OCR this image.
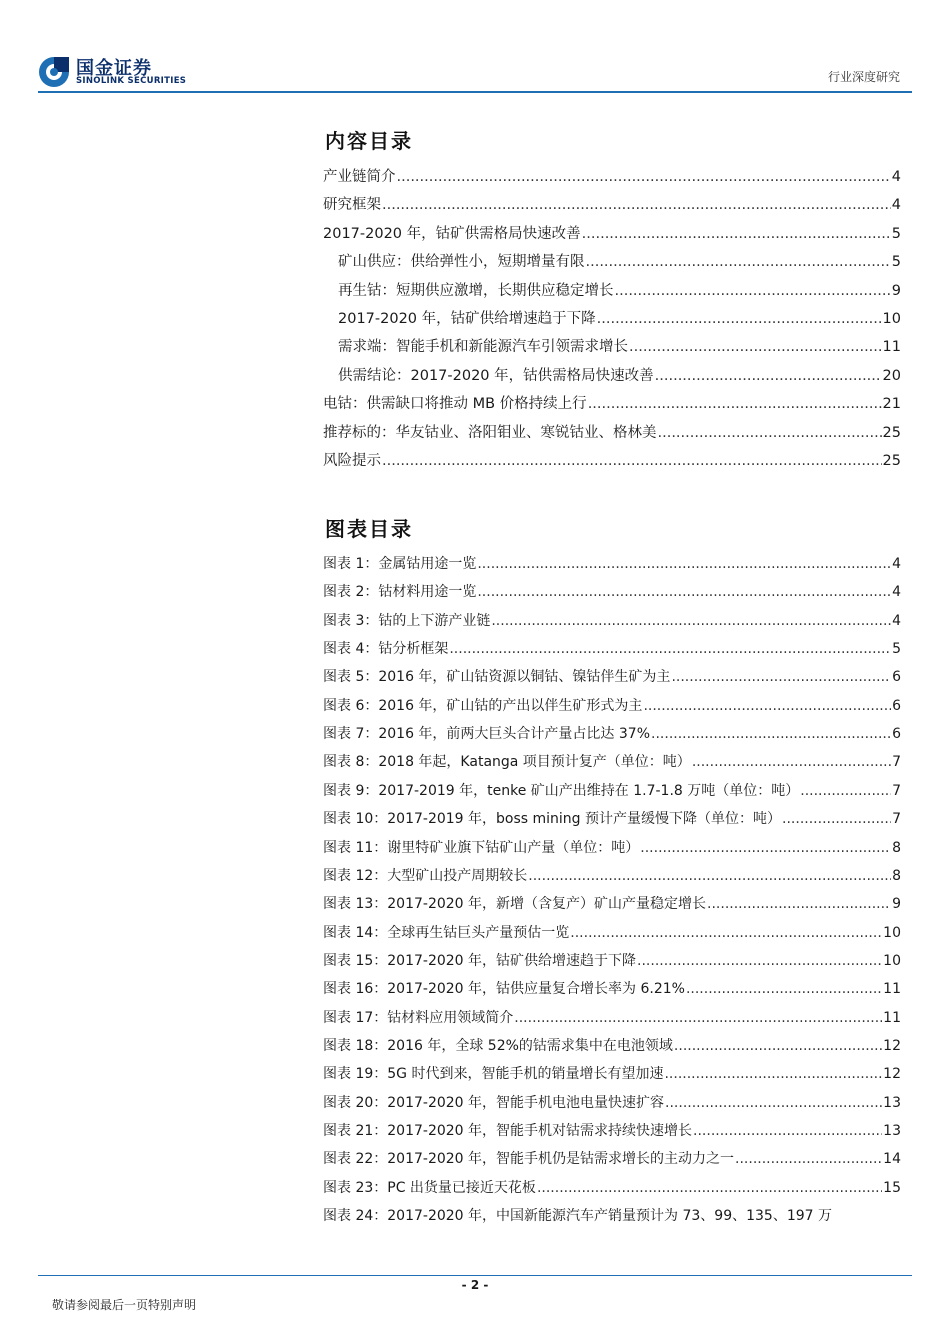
国金证券
SINOLINK SECURITIES	行业深度研究
内容目录
产业链简介 .....	4
研究框架 .....	4
2017-2020 年，钴矿供需格局快速改善 .....	5
矿山供应：供给弹性小，短期增量有限 .....	5
再生钴：短期供应激增，长期供应稳定增长 .....	9
2017-2020 年，钴矿供给增速趋于下降 .....	10
需求端：智能手机和新能源汽车引领需求增长 .....	11
供需结论：2017-2020 年，钴供需格局快速改善 .....	20
电钴：供需缺口将推动 MB 价格持续上行 .....	21
推荐标的：华友钴业、洛阳钼业、寒锐钴业、格林美 .....	25
风险提示 .....	25
图表目录
图表 1：金属钴用途一览 .....	4
图表 2：钴材料用途一览 .....	4
图表 3：钴的上下游产业链 .....	4
图表 4：钴分析框架 .....	5
图表 5：2016 年，矿山钴资源以铜钴、镍钴伴生矿为主 .....	6
图表 6：2016 年，矿山钴的产出以伴生矿形式为主 .....	6
图表 7：2016 年，前两大巨头合计产量占比达 37% .....	6
图表 8：2018 年起，Katanga 项目预计复产（单位：吨） .....	7
图表 9：2017-2019 年，tenke 矿山产出维持在 1.7-1.8 万吨（单位：吨） .....	7
图表 10：2017-2019 年，boss mining 预计产量缓慢下降（单位：吨） .....	7
图表 11：谢里特矿业旗下钴矿山产量（单位：吨） .....	8
图表 12：大型矿山投产周期较长 .....	8
图表 13：2017-2020 年，新增（含复产）矿山产量稳定增长 .....	9
图表 14：全球再生钴巨头产量预估一览 .....	10
图表 15：2017-2020 年，钴矿供给增速趋于下降 .....	10
图表 16：2017-2020 年，钴供应量复合增长率为 6.21% .....	11
图表 17：钴材料应用领域简介 .....	11
图表 18：2016 年，全球 52%的钴需求集中在电池领域 .....	12
图表 19：5G 时代到来，智能手机的销量增长有望加速 .....	12
图表 20：2017-2020 年，智能手机电池电量快速扩容 .....	13
图表 21：2017-2020 年，智能手机对钴需求持续快速增长 .....	13
图表 22：2017-2020 年，智能手机仍是钴需求增长的主动力之一 .....	14
图表 23：PC 出货量已接近天花板 .....	15
图表 24：2017-2020 年，中国新能源汽车产销量预计为 73、99、135、197 万
- 2 -
敬请参阅最后一页特别声明
